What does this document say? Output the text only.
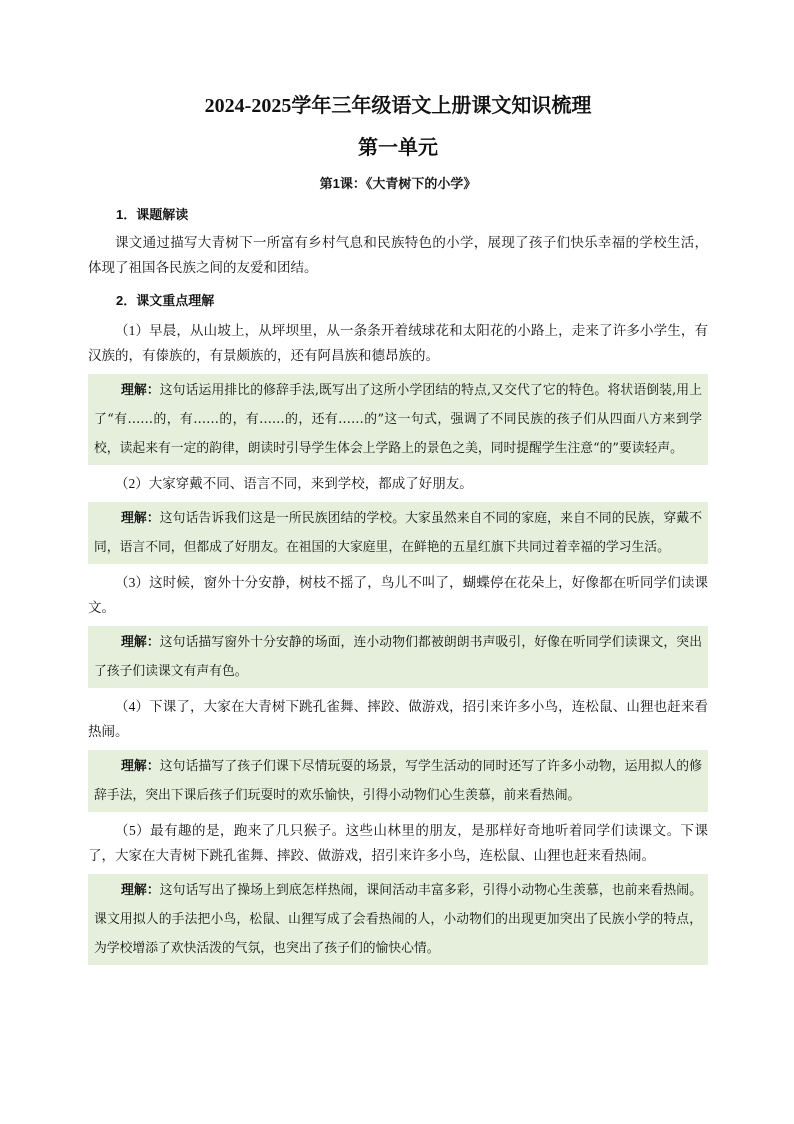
2024-2025学年三年级语文上册课文知识梳理
第一单元
第1课：《大青树下的小学》
1．课题解读

课文通过描写大青树下一所富有乡村气息和民族特色的小学，展现了孩子们快乐幸福的学校生活，体现了祖国各民族之间的友爱和团结。

2．课文重点理解

（1）早晨，从山坡上，从坪坝里，从一条条开着绒球花和太阳花的小路上，走来了许多小学生，有汉族的，有傣族的，有景颇族的，还有阿昌族和德昂族的。

理解：这句话运用排比的修辞手法,既写出了这所小学团结的特点,又交代了它的特色。将状语倒装,用上了“有……的，有……的，有……的，还有……的”这一句式，强调了不同民族的孩子们从四面八方来到学校，读起来有一定的韵律，朗读时引导学生体会上学路上的景色之美，同时提醒学生注意“的”要读轻声。

（2）大家穿戴不同、语言不同，来到学校，都成了好朋友。

理解：这句话告诉我们这是一所民族团结的学校。大家虽然来自不同的家庭，来自不同的民族，穿戴不同，语言不同，但都成了好朋友。在祖国的大家庭里，在鲜艳的五星红旗下共同过着幸福的学习生活。

（3）这时候，窗外十分安静，树枝不摇了，鸟儿不叫了，蝴蝶停在花朵上，好像都在听同学们读课文。

理解：这句话描写窗外十分安静的场面，连小动物们都被朗朗书声吸引，好像在听同学们读课文，突出了孩子们读课文有声有色。

（4）下课了，大家在大青树下跳孔雀舞、摔跤、做游戏，招引来许多小鸟，连松鼠、山狸也赶来看热闹。

理解：这句话描写了孩子们课下尽情玩耍的场景，写学生活动的同时还写了许多小动物，运用拟人的修辞手法，突出下课后孩子们玩耍时的欢乐愉快，引得小动物们心生羡慕，前来看热闹。

（5）最有趣的是，跑来了几只猴子。这些山林里的朋友，是那样好奇地听着同学们读课文。下课了，大家在大青树下跳孔雀舞、摔跤、做游戏，招引来许多小鸟，连松鼠、山狸也赶来看热闹。

理解：这句话写出了操场上到底怎样热闹，课间活动丰富多彩，引得小动物心生羡慕，也前来看热闹。课文用拟人的手法把小鸟，松鼠、山狸写成了会看热闹的人，小动物们的出现更加突出了民族小学的特点，为学校增添了欢快活泼的气氛，也突出了孩子们的愉快心情。
